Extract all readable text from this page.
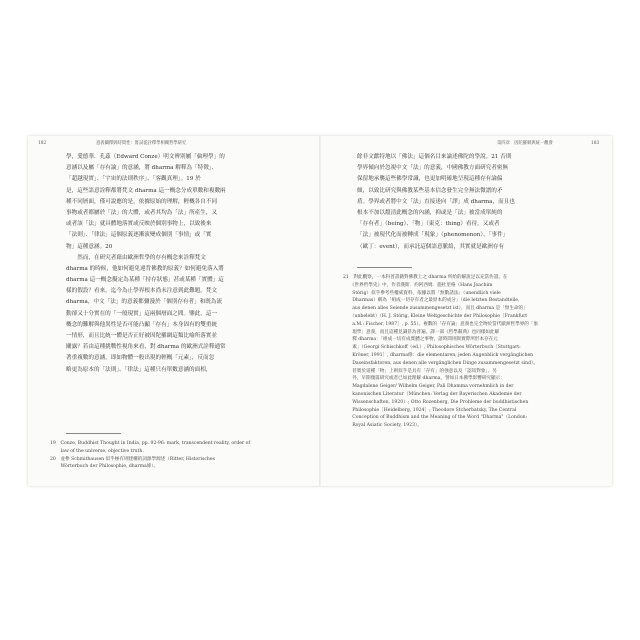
182	意義闡釋與時間性：嘗試從詮釋學相關哲學研究
學，愛德華．孔茲（Edward Conze）明文辨別屬「倫理學」的
意涵以及屬「存有論」的意涵，將 dharma 解釋為「特徵」、
「超越現實」、「宇宙的法則秩序」、「客觀真理」。19 於
是，這些語意詮釋都將梵文 dharma 這一概念分成單數和複數兩
種不同層面，僅可說應的是，依據原始的理解，輕概各自不同
事物或者都屬於「法」的大體，或者其均為「法」所產生，又
或者該「法」就具體地落實或反映於個別事物上，以致後來
「法則」、「律法」這個原義逐漸演變成個別「事情」或「實
物」這種意涵。20
　　然而，在研究者藉由歐洲哲學的存有概念來詮釋梵文
dharma 的時候，他如何避免違背佛教的原義？如何避免落入將
dharma 這一概念擬定為某種「持存狀態」甚或某種「實體」這
樣的假設？看來，迄今為止學界根本尚未注意到此難題。梵文
dharma，中文「法」的意義都彌漫於「個別存有者」和既為流
動卻又十分實在的「一般現實」這兩個層面之間。鑒此，這一
概念的難解與他異性是否可能凸顯「存有」本身固有的雙重統
一情形，而且比統一體是否正好被因陀羅網這類比喻所落實並
闡露？若由這種挑戰性視角來看，對 dharma 的歐洲式詮釋通常
著重複數的意涵，即如物體一般出現的輕概「元素」，反而忽
略更為原本的「法則」、「律法」這種只有單數意涵的面相，
19　Conze, Buddhist Thought in India, pp. 92-96: mark, transcendent reality, order of
　　 law of the universe, objective truth.
20　並參 Schmithausen 似乎極有則建構的詞源學源述（Ritter, Historisches
　　 Wörterbuch der Philosophie, dharma條）。
第四章　因陀羅網與統一觀發	183
餘非文獻特地以「佛法」這個名目來論述佛陀的學說。21 否則
學界傾向於忽視中文「法」的意義，中國佛教方面研究者密無
保留地承襲這些佛學常識，也更加明確地呈現這種存有論偏
頗，以致比研究與佛教某些基本信念發生完全無法微譜的矛
盾。學界或者將中文「法」直接迻向「譯」成 dharma，而且也
根本不加以釐清此概念的內涵，抑或是「法」被當成單純的
「存有者」（being）、「物」（東克：thing）看待，又或者
「法」被現代化而被轉成「現象」（phenomenon）、「事件」
（歐丁：event），而承託這個語意脈絡，其實就是歐洲存有
21　對此觀察，一本科普書籍對佛教上之 dharma 所給的解說足以充當佐證。在
　　《世界哲學史》中，作者漢斯．約阿西姆．施杜里格（Hans Joachim
　　Störig）似乎參考些權威資料，依據以將「無數諸法」（unendlich viele
　　Dharmas）稱為「組成一切存有者之最原本的成分」（die letzten Bestandteile,
　　aus denen alles Seiende zusammengesetzt ist），而且 dharma 是「無生命的」
　　（unbelebt）（H. J. Störig, Kleine Weltgeschichte der Philosophie［Frankfurt
　　a.M.: Fischer, 1987］, p. 55）。複數的「存有論」意義也完全吻於當代歐洲哲學界的「象
　　現學」意義，而且這種見識甚為普遍，譯一部《哲學辭典》也同樣如此解
　　釋 dharma：「組成一切有成實體之事物，諸時間則與實際所形本存在元
　　素」（Georgi Schischkoff（ed.）, Philosophisches Wörterbuch［Stuttgart:
　　Kröner, 1991］, dharma條：die elementaren, jeden Augenblick vergänglichen
　　Daseinsfaktoren, aus denen alle vergänglichen Dinge zusammengesetzt sind）。
　　甚實於道種「物」上則似乎是具有「存有」的強意以及「認知對象」。另
　　外，早期幾篇研究或者已如此理解 dharma，譬如日本佛學影響研究顯示：
　　Magdalene Geiger/ Wilhelm Geiger, Pali Dhamma vornehmlich in der
　　kanonischen Literatur（München: Verlag der Bayerischen Akademie der
　　Wissenschaften, 1920）; Otto Rozenberg, Die Probleme der buddhistischen
　　Philosophie［Heidelberg, 1924］; Theodore Stcherbatsky, The Central
　　Conception of Buddhism and the Meaning of the Word "Dharma"（London:
　　Royal Asiatic Society, 1923）。
